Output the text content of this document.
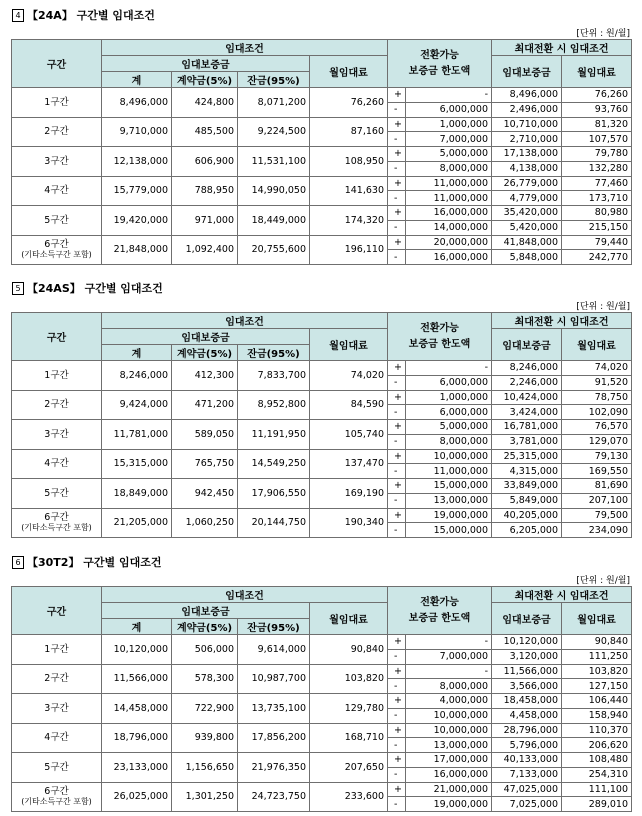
4 【24A】 구간별 임대조건
[단위 : 원/월]
구간	임대조건				전환가능
보증금 한도액		최대전환 시 임대조건	
	임대보증금			월임대료			임대보증금	월임대료
	계	계약금(5%)	잔금(95%)					

1구간	8,496,000	424,800	8,071,200	76,260	+	-	8,496,000	76,260
					-	6,000,000	2,496,000	93,760

2구간	9,710,000	485,500	9,224,500	87,160	+	1,000,000	10,710,000	81,320
					-	7,000,000	2,710,000	107,570

3구간	12,138,000	606,900	11,531,100	108,950	+	5,000,000	17,138,000	79,780
					-	8,000,000	4,138,000	132,280

4구간	15,779,000	788,950	14,990,050	141,630	+	11,000,000	26,779,000	77,460
					-	11,000,000	4,779,000	173,710

5구간	19,420,000	971,000	18,449,000	174,320	+	16,000,000	35,420,000	80,980
					-	14,000,000	5,420,000	215,150

6구간
(기타소득구간 포함)	21,848,000	1,092,400	20,755,600	196,110	+	20,000,000	41,848,000	79,440
					-	16,000,000	5,848,000	242,770
5 【24AS】 구간별 임대조건
[단위 : 원/월]
구간	임대조건				전환가능
보증금 한도액		최대전환 시 임대조건	
	임대보증금			월임대료			임대보증금	월임대료
	계	계약금(5%)	잔금(95%)					

1구간	8,246,000	412,300	7,833,700	74,020	+	-	8,246,000	74,020
					-	6,000,000	2,246,000	91,520

2구간	9,424,000	471,200	8,952,800	84,590	+	1,000,000	10,424,000	78,750
					-	6,000,000	3,424,000	102,090

3구간	11,781,000	589,050	11,191,950	105,740	+	5,000,000	16,781,000	76,570
					-	8,000,000	3,781,000	129,070

4구간	15,315,000	765,750	14,549,250	137,470	+	10,000,000	25,315,000	79,130
					-	11,000,000	4,315,000	169,550

5구간	18,849,000	942,450	17,906,550	169,190	+	15,000,000	33,849,000	81,690
					-	13,000,000	5,849,000	207,100

6구간
(기타소득구간 포함)	21,205,000	1,060,250	20,144,750	190,340	+	19,000,000	40,205,000	79,500
					-	15,000,000	6,205,000	234,090
6 【30T2】 구간별 임대조건
[단위 : 원/월]
구간	임대조건				전환가능
보증금 한도액		최대전환 시 임대조건	
	임대보증금			월임대료			임대보증금	월임대료
	계	계약금(5%)	잔금(95%)					

1구간	10,120,000	506,000	9,614,000	90,840	+	-	10,120,000	90,840
					-	7,000,000	3,120,000	111,250

2구간	11,566,000	578,300	10,987,700	103,820	+	-	11,566,000	103,820
					-	8,000,000	3,566,000	127,150

3구간	14,458,000	722,900	13,735,100	129,780	+	4,000,000	18,458,000	106,440
					-	10,000,000	4,458,000	158,940

4구간	18,796,000	939,800	17,856,200	168,710	+	10,000,000	28,796,000	110,370
					-	13,000,000	5,796,000	206,620

5구간	23,133,000	1,156,650	21,976,350	207,650	+	17,000,000	40,133,000	108,480
					-	16,000,000	7,133,000	254,310

6구간
(기타소득구간 포함)	26,025,000	1,301,250	24,723,750	233,600	+	21,000,000	47,025,000	111,100
					-	19,000,000	7,025,000	289,010
